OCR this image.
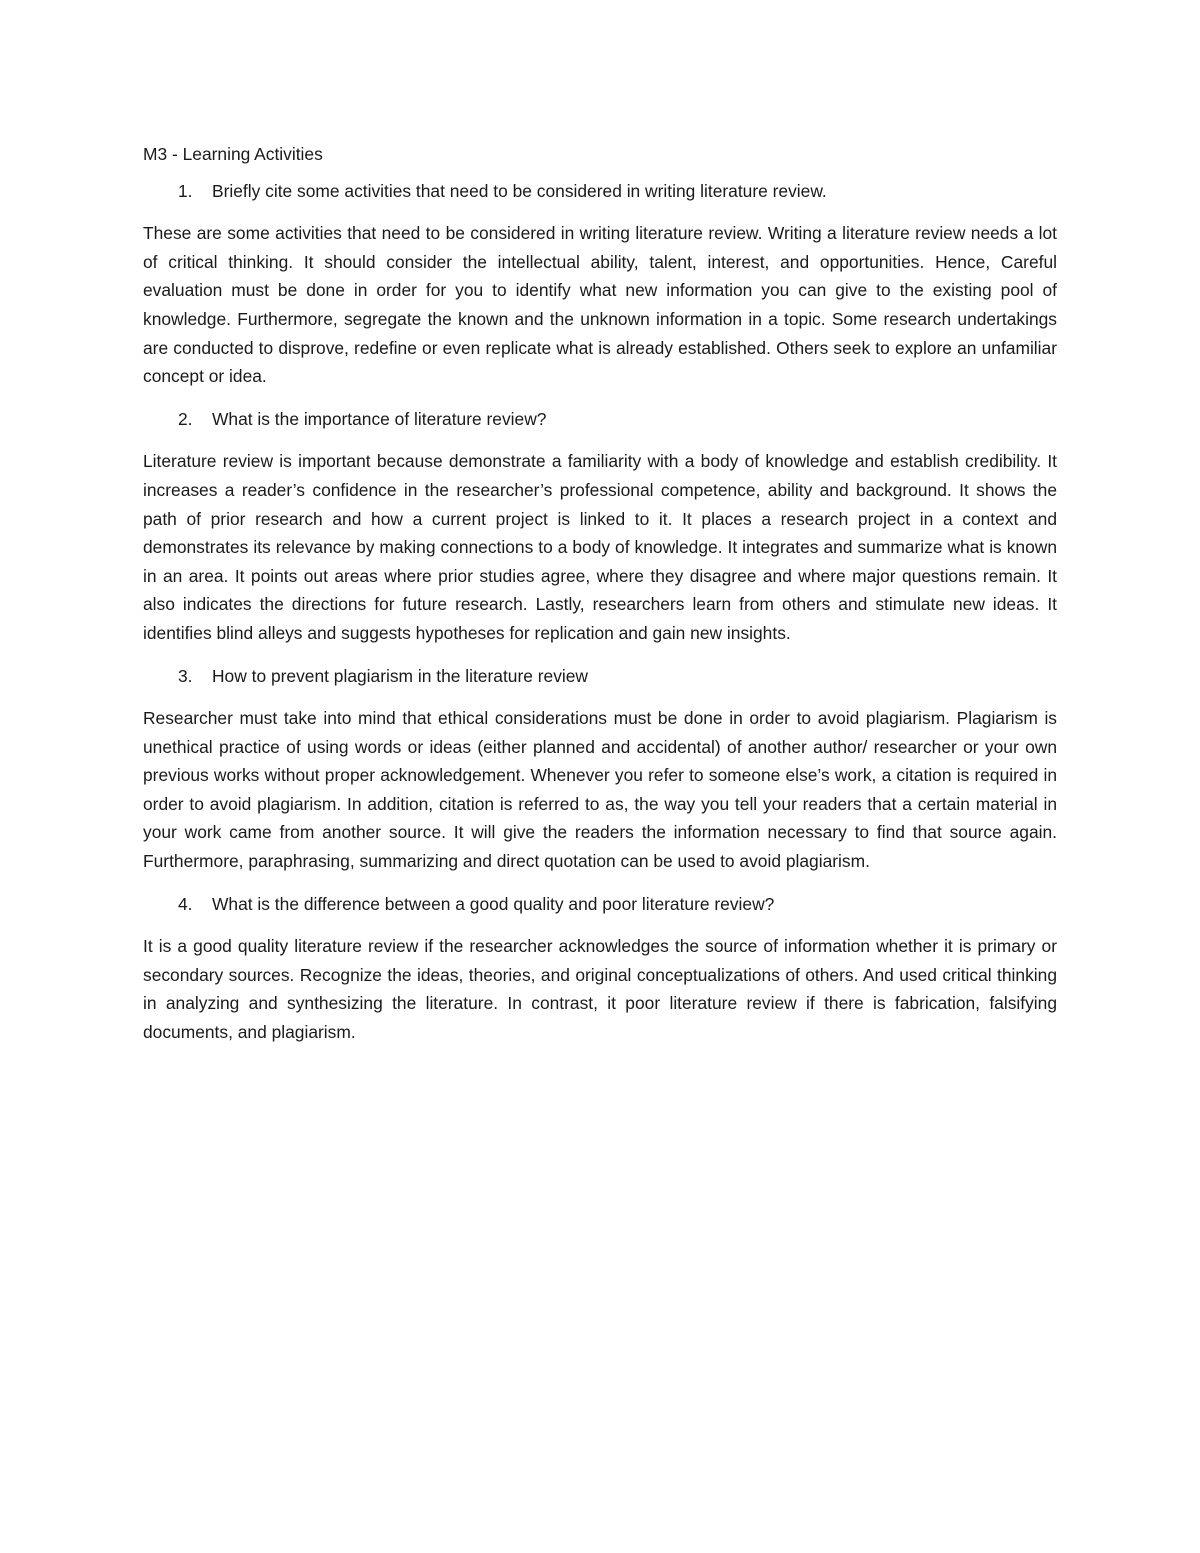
M3 - Learning Activities
1.	Briefly cite some activities that need to be considered in writing literature review.

These are some activities that need to be considered in writing literature review. Writing a literature review needs a lot of critical thinking. It should consider the intellectual ability, talent, interest, and opportunities. Hence, Careful evaluation must be done in order for you to identify what new information you can give to the existing pool of knowledge. Furthermore, segregate the known and the unknown information in a topic. Some research undertakings are conducted to disprove, redefine or even replicate what is already established. Others seek to explore an unfamiliar concept or idea.

2.	What is the importance of literature review?

Literature review is important because demonstrate a familiarity with a body of knowledge and establish credibility. It increases a reader’s confidence in the researcher’s professional competence, ability and background. It shows the path of prior research and how a current project is linked to it. It places a research project in a context and demonstrates its relevance by making connections to a body of knowledge. It integrates and summarize what is known in an area. It points out areas where prior studies agree, where they disagree and where major questions remain. It also indicates the directions for future research. Lastly, researchers learn from others and stimulate new ideas. It identifies blind alleys and suggests hypotheses for replication and gain new insights.

3.	How to prevent plagiarism in the literature review

Researcher must take into mind that ethical considerations must be done in order to avoid plagiarism. Plagiarism is unethical practice of using words or ideas (either planned and accidental) of another author/ researcher or your own previous works without proper acknowledgement. Whenever you refer to someone else’s work, a citation is required in order to avoid plagiarism. In addition, citation is referred to as, the way you tell your readers that a certain material in your work came from another source. It will give the readers the information necessary to find that source again. Furthermore, paraphrasing, summarizing and direct quotation can be used to avoid plagiarism.

4.	What is the difference between a good quality and poor literature review?

It is a good quality literature review if the researcher acknowledges the source of information whether it is primary or secondary sources. Recognize the ideas, theories, and original conceptualizations of others. And used critical thinking in analyzing and synthesizing the literature. In contrast, it poor literature review if there is fabrication, falsifying documents, and plagiarism.
